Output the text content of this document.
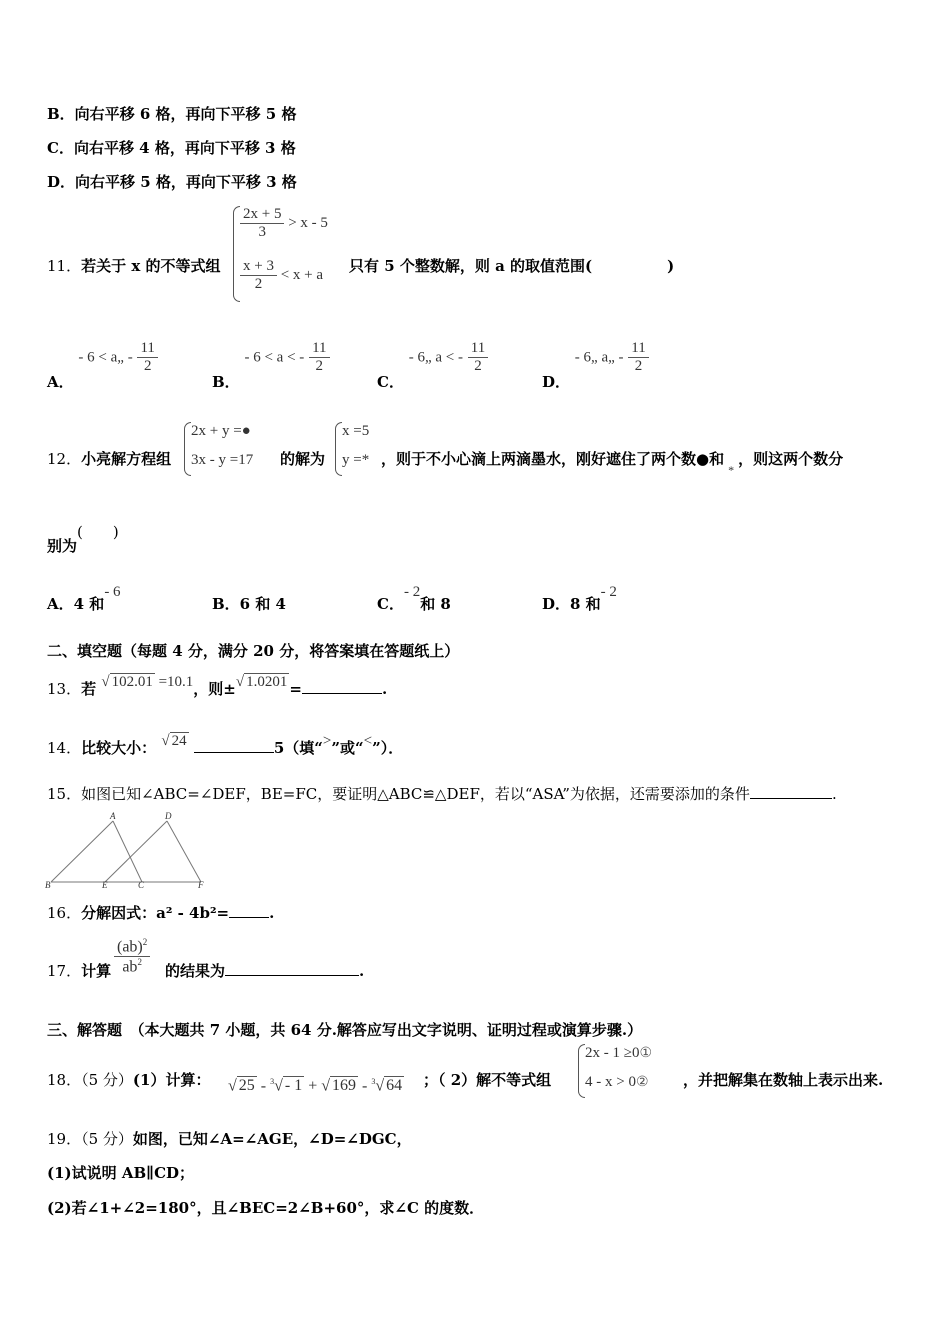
B．向右平移 6 格，再向下平移 5 格
C．向右平移 4 格，再向下平移 3 格
D．向右平移 5 格，再向下平移 3 格
11．若关于 x 的不等式组
$\frac{2x + 5}{3} > x - 5$
$\frac{x + 3}{2} < x + a$ 只有 5 个整数解，则 a 的取值范围(　　　　　)
A． - 6 < a„ - $\frac{11}{2}$
B． - 6 < a < - $\frac{11}{2}$
C． - 6„ a < - $\frac{11}{2}$
D． - 6„ a„ - $\frac{11}{2}$
12．小亮解方程组
2x + y =●
3x - y =17 的解为
x =5
y =* ，则于不小心滴上两滴墨水，刚好遮住了两个数●和$_*$，则这两个数分
别为(　　)
A．4 和- 6
B．6 和 4	C．- 2和 8	D．8 和- 2
二、填空题（每题 4 分，满分 20 分，将答案填在答题纸上）
13．若 √ 102.01 =10.1，则±√ 1.0201 =	.
14．比较大小： √ 24	5（填“>”或“<”）．
15．如图已知∠ABC=∠DEF，BE=FC，要证明△ABC≌△DEF，若以“ASA”为依据，还需要添加的条件	.
A	D
B	E	C	F
16．分解因式：a² - 4b²=	.
17．计算 $\frac{(ab)^2}{ab^2}$ 的结果为	.
三、解答题　（本大题共 7 小题，共 64 分.解答应写出文字说明、证明过程或演算步骤.）
18．（5 分）(1）计算： √ 25 - $^3$√ - 1 + √ 169 - $^3$√ 64 ；（ 2）解不等式组
2x - 1 ≥0①
4 - x > 0② ，并把解集在数轴上表示出来.
19．（5 分）如图，已知∠A=∠AGE，∠D=∠DGC，
(1)试说明 AB∥CD；
(2)若∠1+∠2=180°，且∠BEC=2∠B+60°，求∠C 的度数．
